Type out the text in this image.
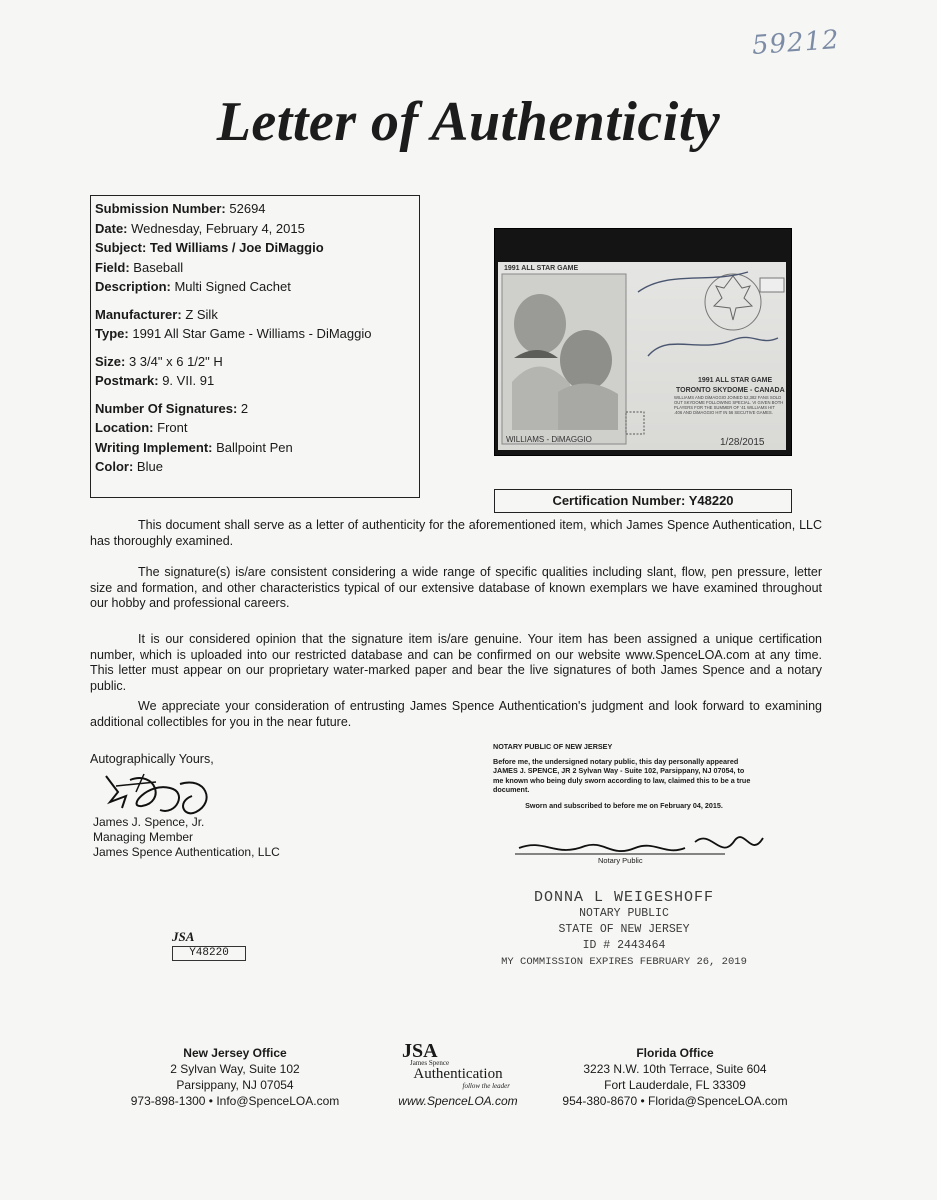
59212
Letter of Authenticity
Submission Number: 52694
Date: Wednesday, February 4, 2015
Subject: Ted Williams / Joe DiMaggio
Field: Baseball
Description: Multi Signed Cachet
Manufacturer: Z Silk
Type: 1991 All Star Game - Williams - DiMaggio
Size: 3 3/4" x 6 1/2" H
Postmark: 9. VII. 91
Number Of Signatures: 2
Location: Front
Writing Implement: Ballpoint Pen
Color: Blue
1991 ALL STAR GAME
WILLIAMS - DiMAGGIO
1991 ALL STAR GAME
TORONTO SKYDOME - CANADA
WILLIAMS AND DiMAGGIO JOINED 52,382 FANS SOLD OUT SKYDOME FOLLOWING SPECIAL. VI GIVEN BOTH PLAYERS FOR THE SUMMER OF '41 WILLIAMS HIT .406 AND DiMAGGIO HIT IN 56 SECUTIVE GAMES.
1/28/2015
Certification Number: Y48220
This document shall serve as a letter of authenticity for the aforementioned item, which James Spence Authentication, LLC has thoroughly examined.
The signature(s) is/are consistent considering a wide range of specific qualities including slant, flow, pen pressure, letter size and formation, and other characteristics typical of our extensive database of known exemplars we have examined throughout our hobby and professional careers.
It is our considered opinion that the signature item is/are genuine. Your item has been assigned a unique certification number, which is uploaded into our restricted database and can be confirmed on our website www.SpenceLOA.com at any time. This letter must appear on our proprietary water-marked paper and bear the live signatures of both James Spence and a notary public.
We appreciate your consideration of entrusting James Spence Authentication's judgment and look forward to examining additional collectibles for you in the near future.
Autographically Yours,
James J. Spence, Jr.
Managing Member
James Spence Authentication, LLC
JSA
Y48220
NOTARY PUBLIC OF NEW JERSEY
Before me, the undersigned notary public, this day personally appeared JAMES J. SPENCE, JR 2 Sylvan Way - Suite 102, Parsippany, NJ 07054, to me known who being duly sworn according to law, claimed this to be a true document.
Sworn and subscribed to before me on February 04, 2015.
Notary Public
DONNA L WEIGESHOFF
NOTARY PUBLIC
STATE OF NEW JERSEY
ID # 2443464
MY COMMISSION EXPIRES FEBRUARY 26, 2019
New Jersey Office
2 Sylvan Way, Suite 102
Parsippany, NJ 07054
973-898-1300 • Info@SpenceLOA.com
JSA
James Spence
Authentication
follow the leader
www.SpenceLOA.com
Florida Office
3223 N.W. 10th Terrace, Suite 604
Fort Lauderdale, FL 33309
954-380-8670 • Florida@SpenceLOA.com
